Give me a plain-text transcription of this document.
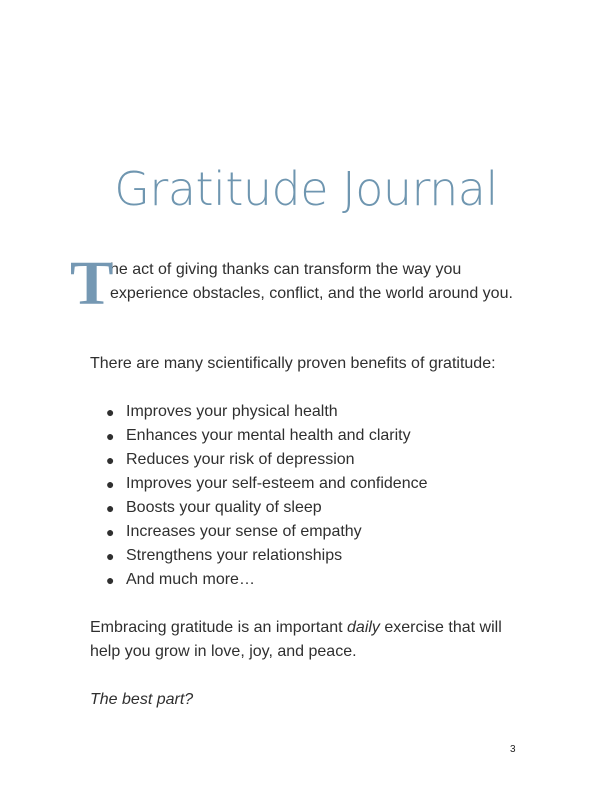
Gratitude Journal
T
he act of giving thanks can transform the way you experience obstacles, conflict, and the world around you.
There are many scientifically proven benefits of gratitude:
● Improves your physical health
● Enhances your mental health and clarity
● Reduces your risk of depression
● Improves your self-esteem and confidence
● Boosts your quality of sleep
● Increases your sense of empathy
● Strengthens your relationships
● And much more…
Embracing gratitude is an important daily exercise that will help you grow in love, joy, and peace.
The best part?
3
